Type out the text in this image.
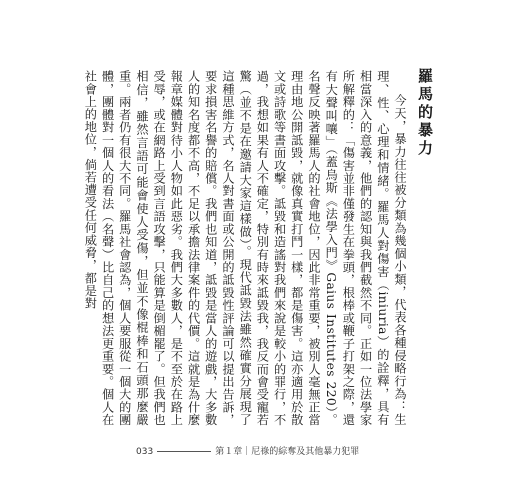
羅馬的暴力

今天，暴力往往被分類為幾個小類，代表各種侵略行為：生理、性、心理和情緒。羅馬人對傷害（iniuria）的詮釋，具有相當深入的意義，他們的認知與我們截然不同。正如一位法學家所解釋的：「傷害並非僅發生在拳頭，根棒或鞭子打架之際，還有大聲叫嚷」（蓋烏斯《法學入門》Gaius Institutes 220）。名聲反映著羅馬人的社會地位，因此非常重要，被別人毫無正當理由地公開詆毀，就像真實打鬥一樣，都是傷害。這亦適用於散文或詩歌等書面攻擊。詆毀和造謠對我們來說是較小的罪行，不過，我想如果有人不確定，特別有時來詆毀我，我反而會受寵若驚（並不是在邀請大家這樣做）。現代詆毀法雖然確實分展現了這種思維方式，名人對書面或公開的詆毀性評論可以提出告訴，要求損害名譽的賠償。我們也知道，詆毀是當人的遊戲，大多數人的知名度都不高，不足以承擔法律案件的代價。這就是為什麼報章媒體對待小人物如此惡劣。我們大多數人，是不至於在路上受辱，或在網路上受到言語攻擊，只能算是倒楣罷了。但我們也相信，雖然言語可能會使人受傷，但並不像棍棒和石頭那麼嚴重。兩者仍有很大不同。羅馬社會認為，個人要服從一個大的團體，團體對一個人的看法（名聲）比自己的想法更重要。個人在社會上的地位，倘若遭受任何威脅，都是對

033	第１章｜尼祿的綜奪及其他暴力犯罪
